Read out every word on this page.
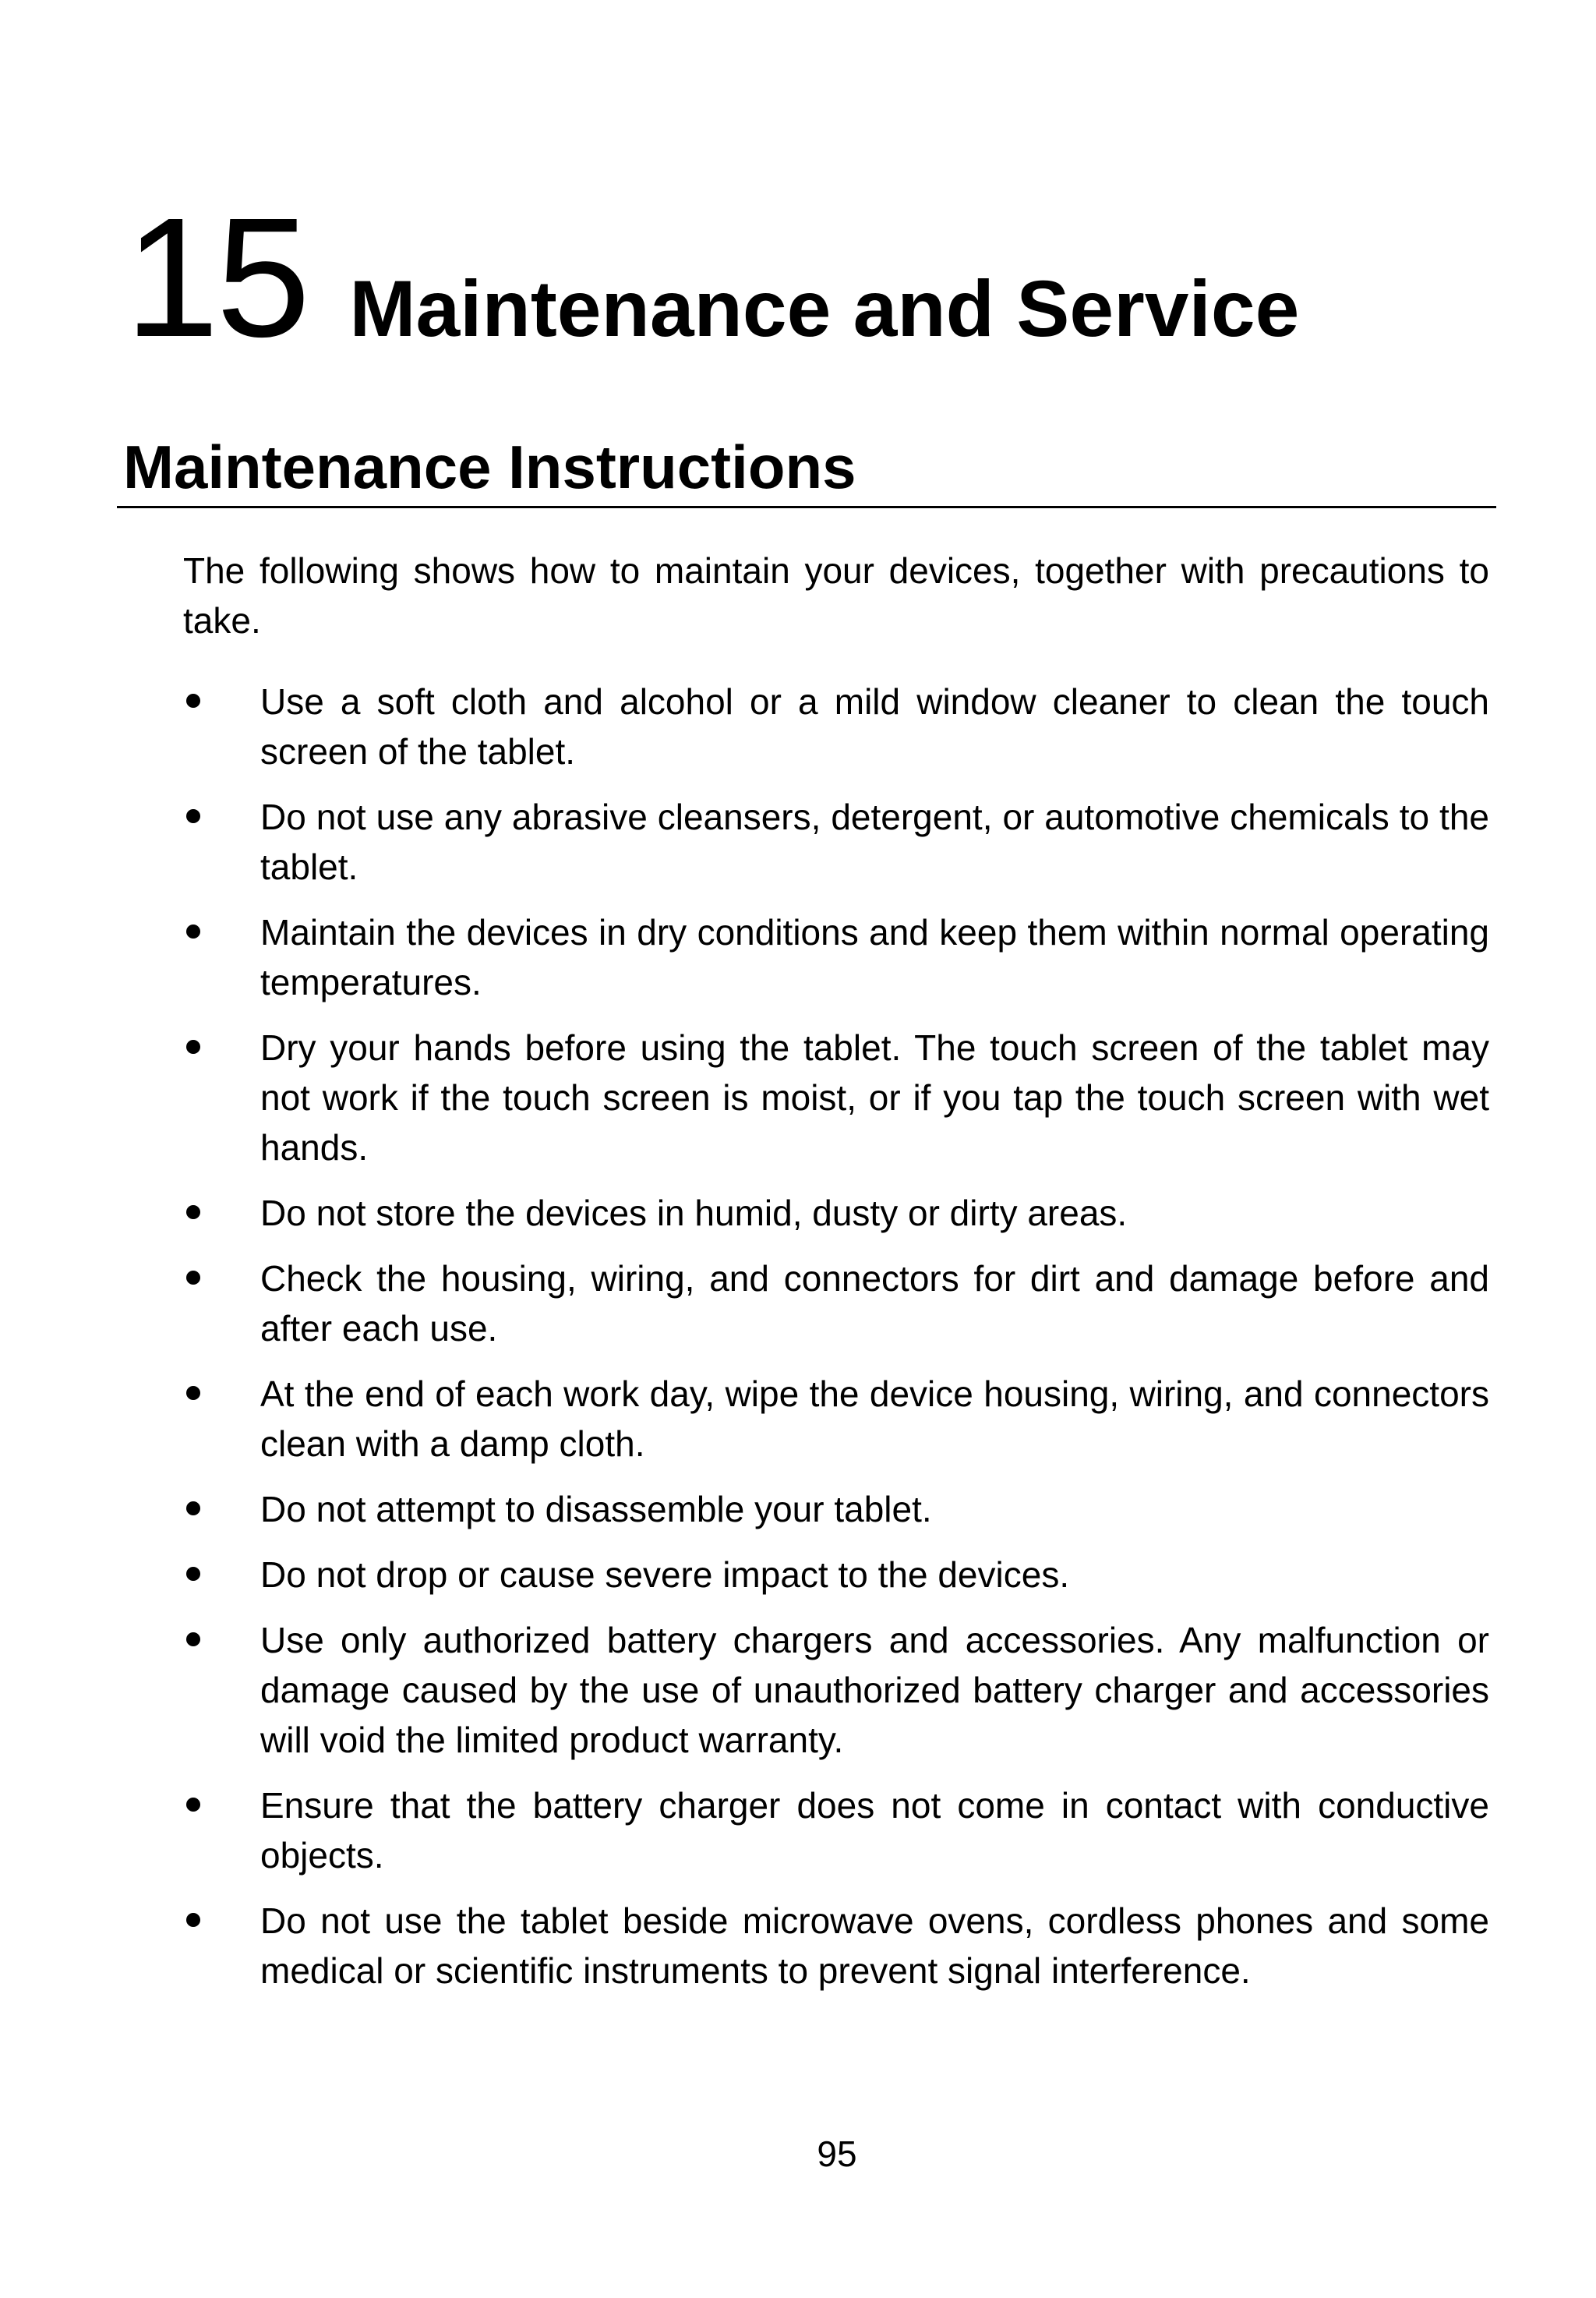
15 Maintenance and Service
Maintenance Instructions

The following shows how to maintain your devices, together with precautions to take.

Use a soft cloth and alcohol or a mild window cleaner to clean the touch screen of the tablet.
Do not use any abrasive cleansers, detergent, or automotive chemicals to the tablet.
Maintain the devices in dry conditions and keep them within normal operating temperatures.
Dry your hands before using the tablet. The touch screen of the tablet may not work if the touch screen is moist, or if you tap the touch screen with wet hands.
Do not store the devices in humid, dusty or dirty areas.
Check the housing, wiring, and connectors for dirt and damage before and after each use.
At the end of each work day, wipe the device housing, wiring, and connectors clean with a damp cloth.
Do not attempt to disassemble your tablet.
Do not drop or cause severe impact to the devices.
Use only authorized battery chargers and accessories. Any malfunction or damage caused by the use of unauthorized battery charger and accessories will void the limited product warranty.
Ensure that the battery charger does not come in contact with conductive objects.
Do not use the tablet beside microwave ovens, cordless phones and some medical or scientific instruments to prevent signal interference.
95
